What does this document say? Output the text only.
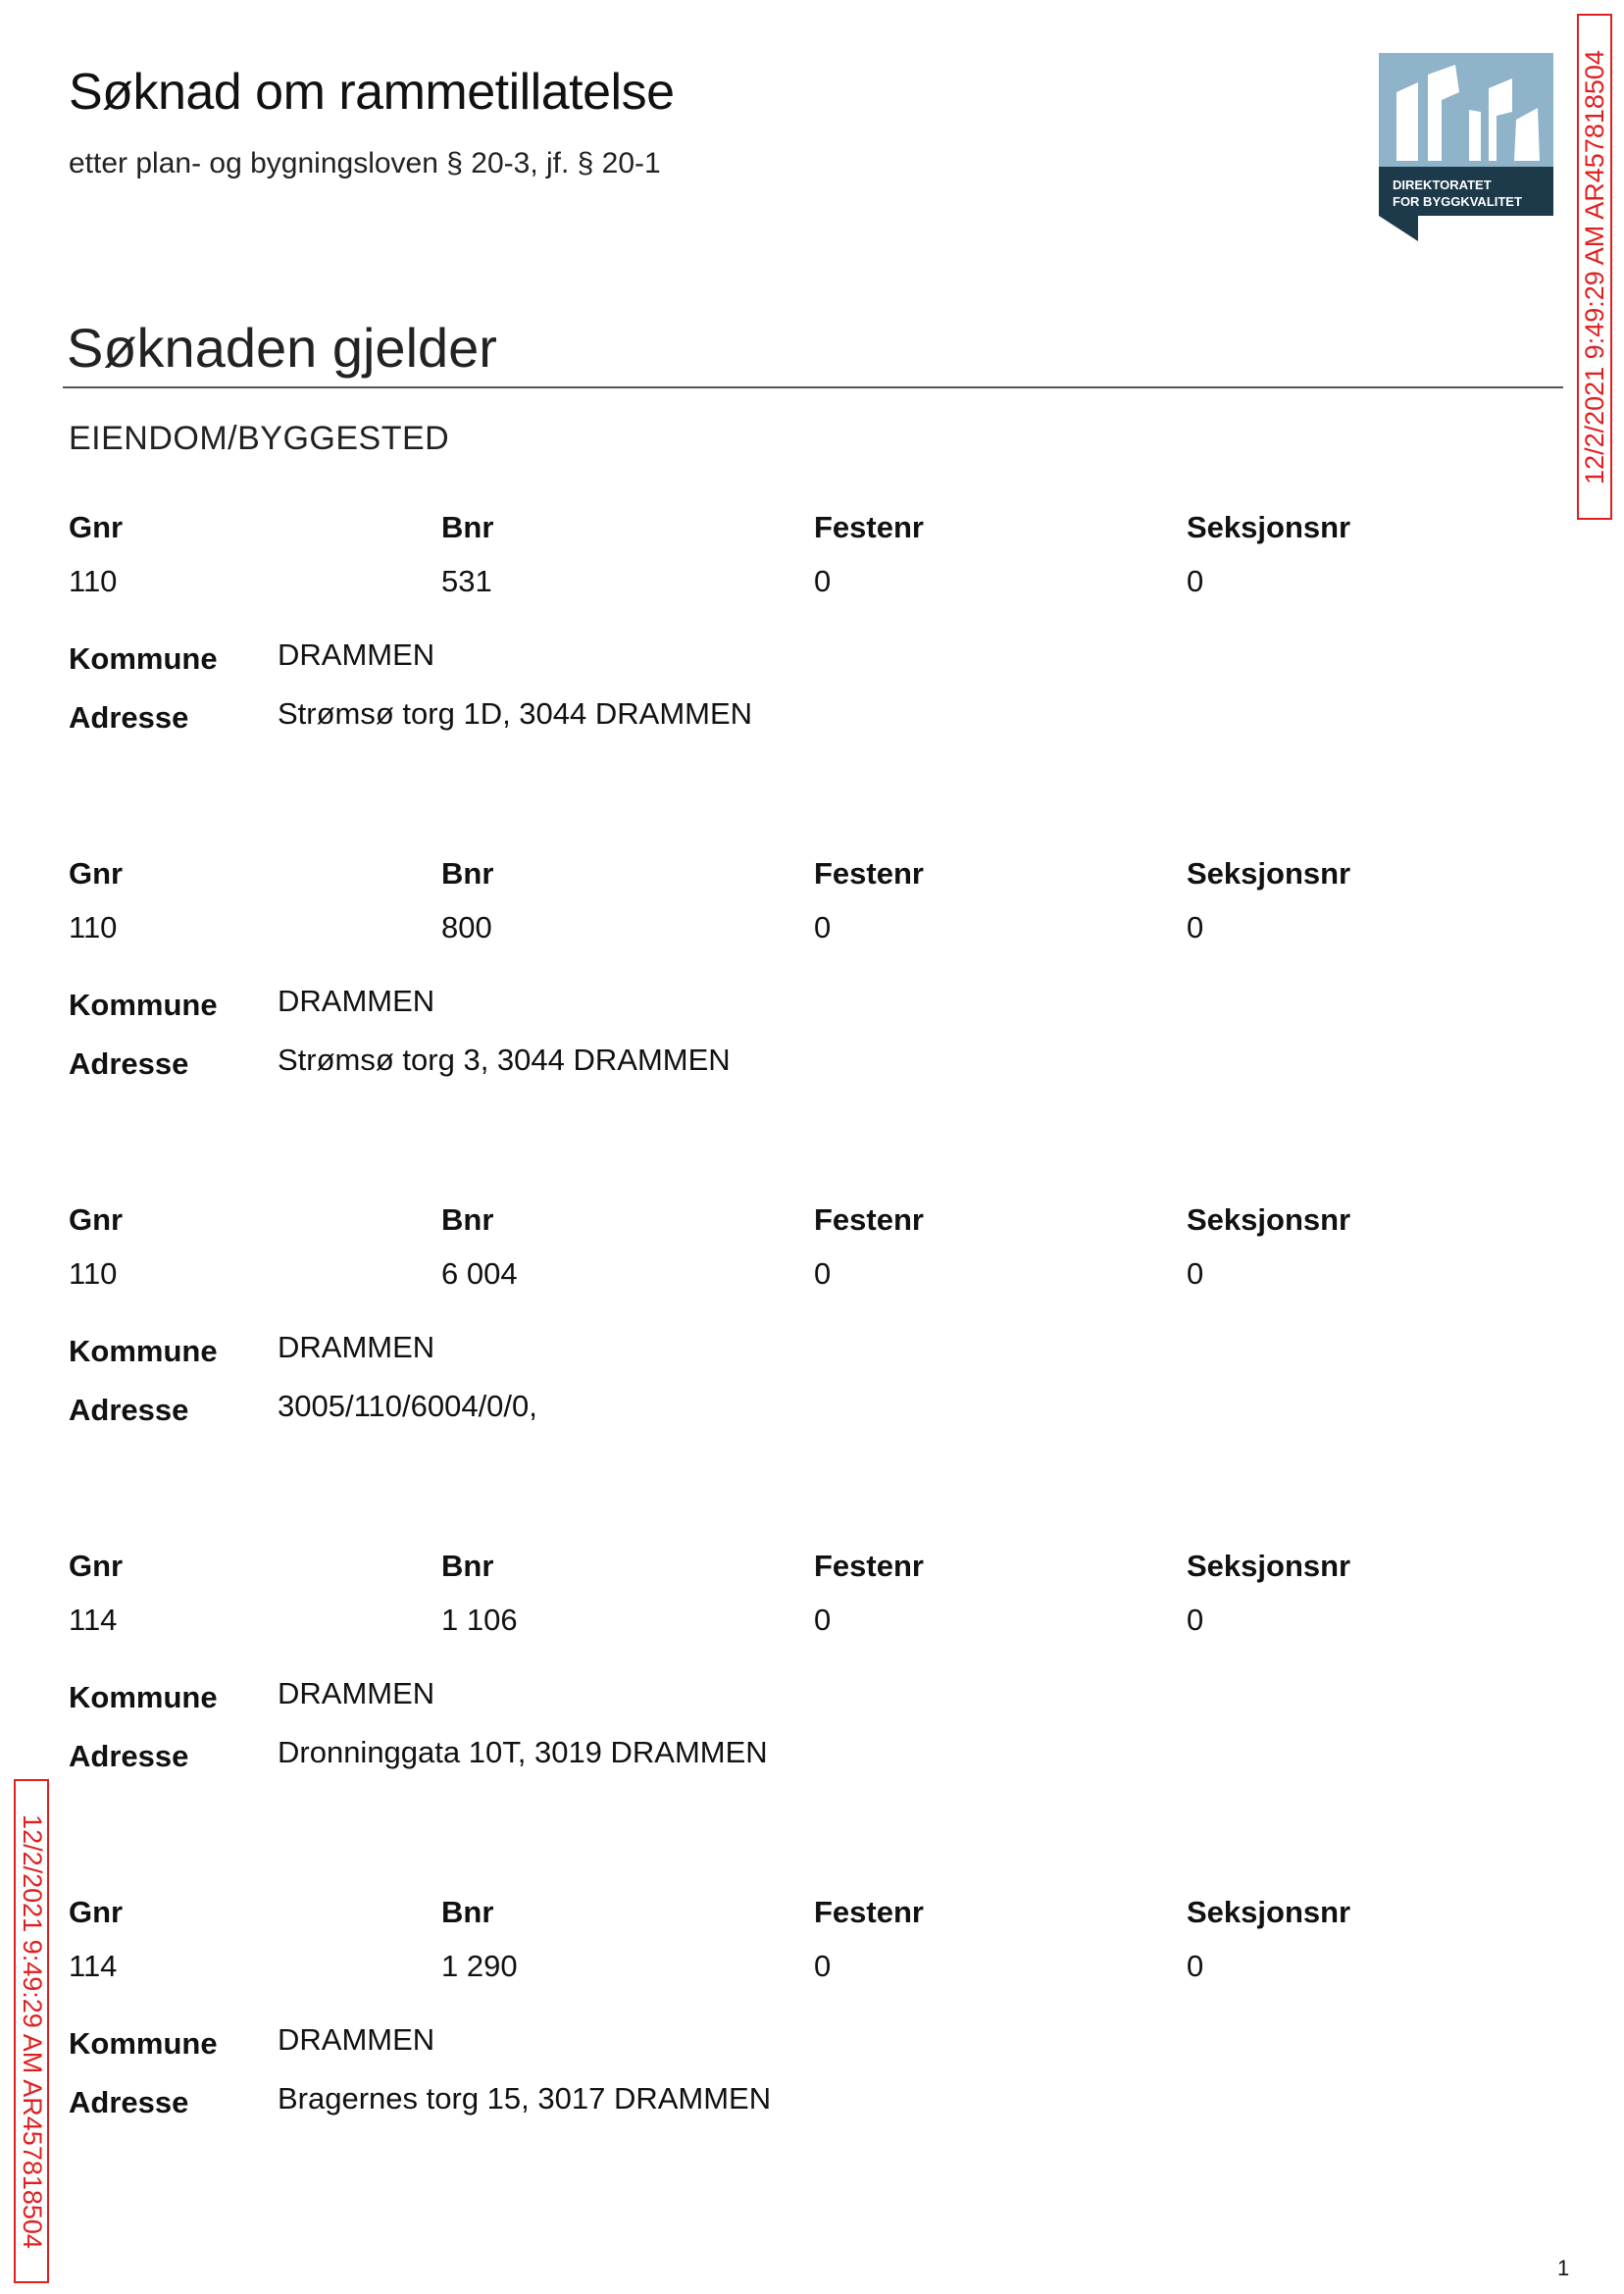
Søknad om rammetillatelse
etter plan- og bygningsloven § 20-3, jf. § 20-1
DIREKTORATET
FOR BYGGKVALITET 12/2/2021 9:49:29 AM AR457818504
12/2/2021 9:49:29 AM AR457818504
Søknaden gjelder
EIENDOM/BYGGESTED
Gnr	Bnr	Festenr	Seksjonsnr
110	531	0	0
Kommune DRAMMEN
Adresse	Strømsø torg 1D, 3044 DRAMMEN
Gnr	Bnr	Festenr	Seksjonsnr
110	800	0	0
Kommune DRAMMEN
Adresse	Strømsø torg 3, 3044 DRAMMEN
Gnr	Bnr	Festenr	Seksjonsnr
110	6 004	0	0
Kommune DRAMMEN
Adresse	3005/110/6004/0/0,
Gnr	Bnr	Festenr	Seksjonsnr
114	1 106	0	0
Kommune DRAMMEN
Adresse	Dronninggata 10T, 3019 DRAMMEN
Gnr	Bnr	Festenr	Seksjonsnr
114	1 290	0	0
Kommune DRAMMEN
Adresse	Bragernes torg 15, 3017 DRAMMEN
1
